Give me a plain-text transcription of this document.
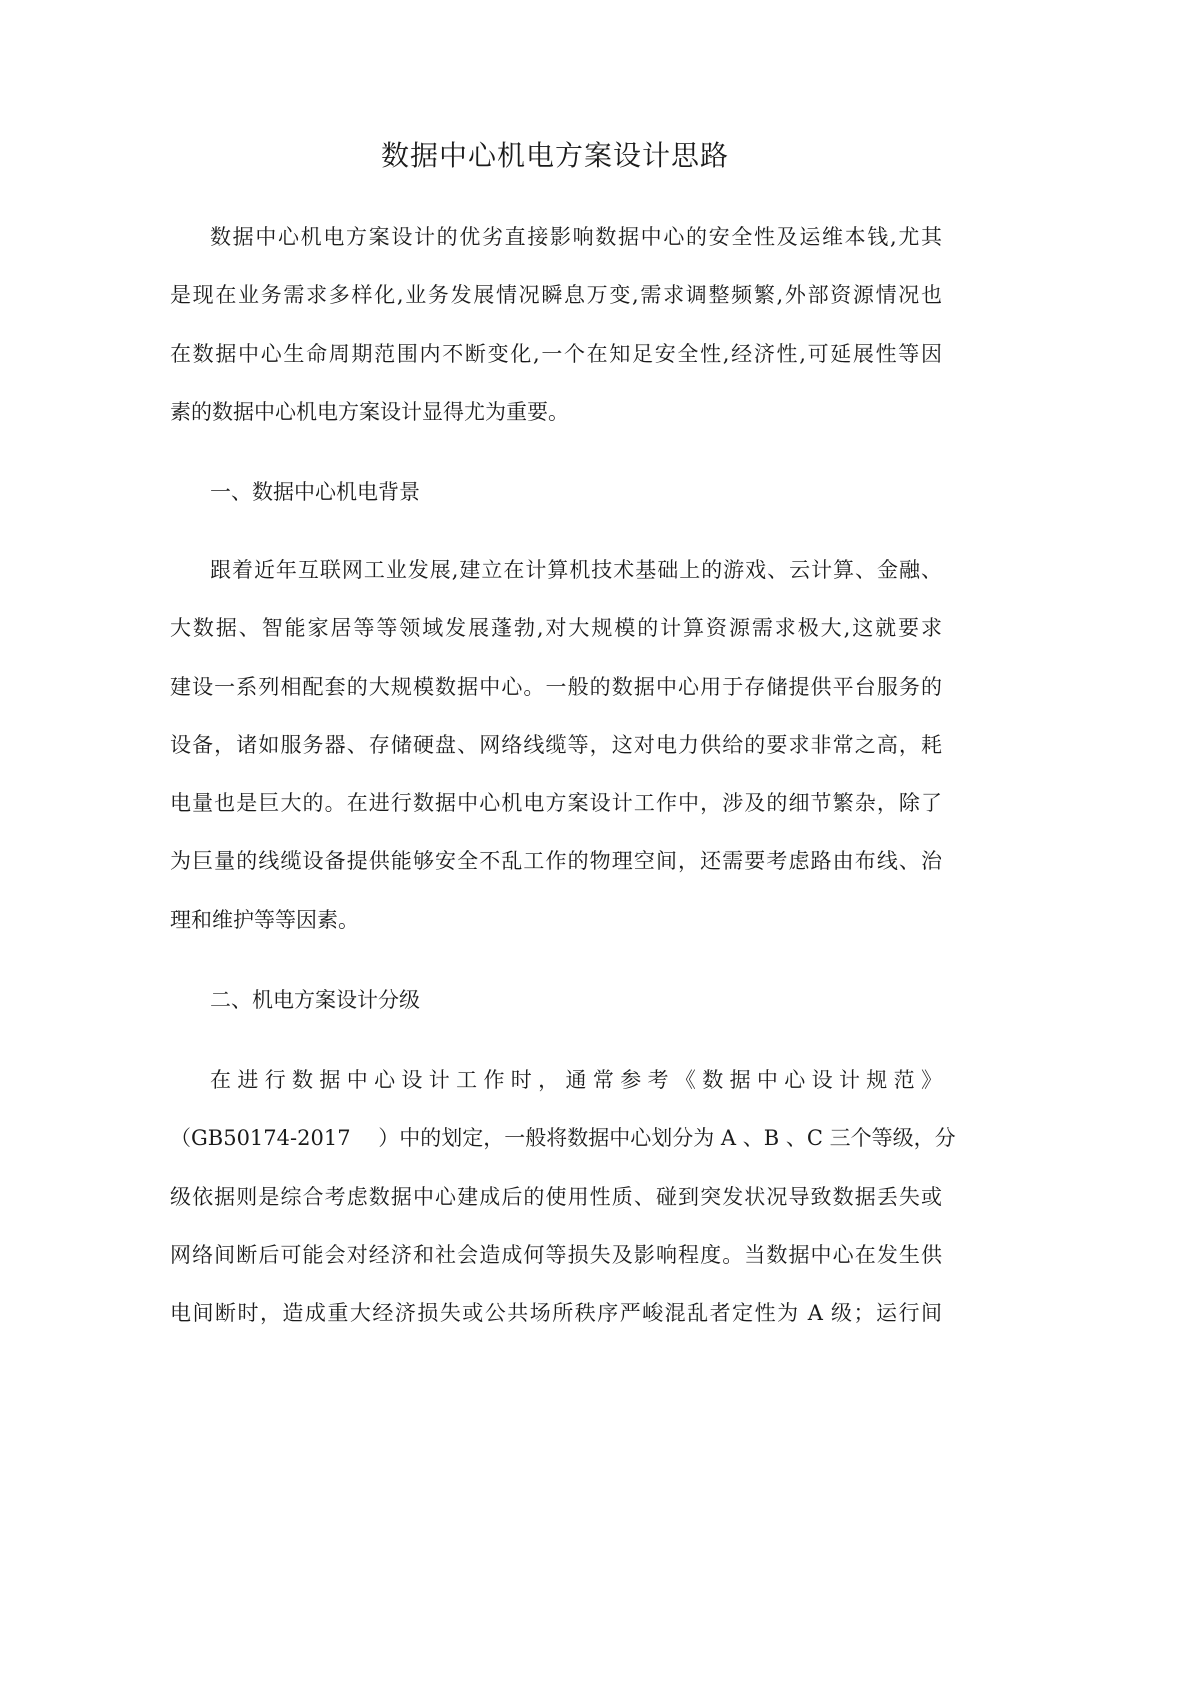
数据中心机电方案设计思路
数据中心机电方案设计的优劣直接影响数据中心的安全性及运维本钱,尤其
是现在业务需求多样化,业务发展情况瞬息万变,需求调整频繁,外部资源情况也
在数据中心生命周期范围内不断变化,一个在知足安全性,经济性,可延展性等因
素的数据中心机电方案设计显得尤为重要。
一、数据中心机电背景
跟着近年互联网工业发展,建立在计算机技术基础上的游戏、云计算、金融、
大数据、智能家居等等领域发展蓬勃,对大规模的计算资源需求极大,这就要求
建设一系列相配套的大规模数据中心。一般的数据中心用于存储提供平台服务的
设备，诸如服务器、存储硬盘、网络线缆等，这对电力供给的要求非常之高，耗
电量也是巨大的。在进行数据中心机电方案设计工作中，涉及的细节繁杂，除了
为巨量的线缆设备提供能够安全不乱工作的物理空间，还需要考虑路由布线、治
理和维护等等因素。
二、机电方案设计分级
在进行数据中心设计工作时，通常参考《数据中心设计规范》
（GB50174-2017　 ）中的划定，一般将数据中心划分为 A 、B 、C 三个等级，分
级依据则是综合考虑数据中心建成后的使用性质、碰到突发状况导致数据丢失或
网络间断后可能会对经济和社会造成何等损失及影响程度。当数据中心在发生供
电间断时，造成重大经济损失或公共场所秩序严峻混乱者定性为 A 级；运行间
